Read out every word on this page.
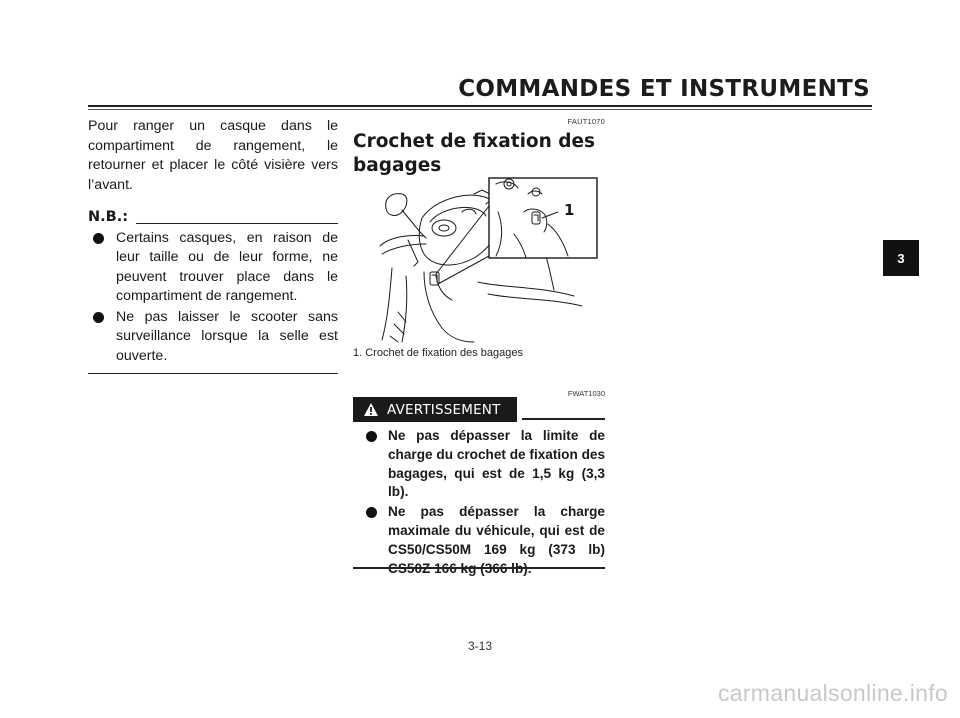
COMMANDES ET INSTRUMENTS

Pour ranger un casque dans le compartiment de rangement, le retourner et placer le côté visière vers l’avant.

N.B.:
Certains casques, en raison de leur taille ou de leur forme, ne peuvent trouver place dans le compartiment de rangement.
Ne pas laisser le scooter sans surveillance lorsque la selle est ouverte.
FAUT1070
Crochet de fixation des
bagages
1
1. Crochet de fixation des bagages
FWAT1030
AVERTISSEMENT
Ne pas dépasser la limite de charge du crochet de fixation des bagages, qui est de 1,5 kg (3,3 lb).
Ne pas dépasser la charge maximale du véhicule, qui est de CS50/CS50M 169 kg (373 lb)
3-13
3
carmanualsonline.info
